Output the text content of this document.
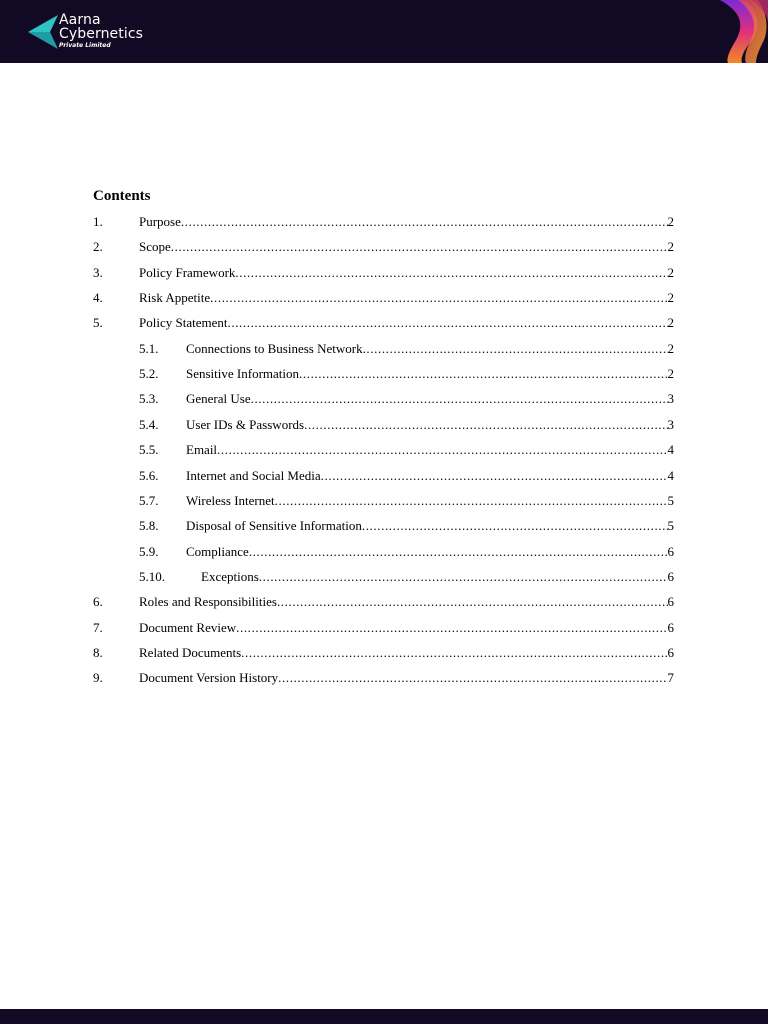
Aarna
Cybernetics
Private Limited
Contents
1.	Purpose .....	2
2.	Scope .....	2
3.	Policy Framework .....	2
4.	Risk Appetite .....	2
5.	Policy Statement .....	2
5.1. Connections to Business Network .....	2
5.2. Sensitive Information .....	2
5.3. General Use .....	3
5.4. User IDs & Passwords .....	3
5.5. Email .....	4
5.6. Internet and Social Media .....	4
5.7. Wireless Internet .....	5
5.8. Disposal of Sensitive Information .....	5
5.9. Compliance .....	6
5.10.	Exceptions .....	6
6.	Roles and Responsibilities .....	6
7.	Document Review .....	6
8.	Related Documents .....	6
9.	Document Version History .....	7
